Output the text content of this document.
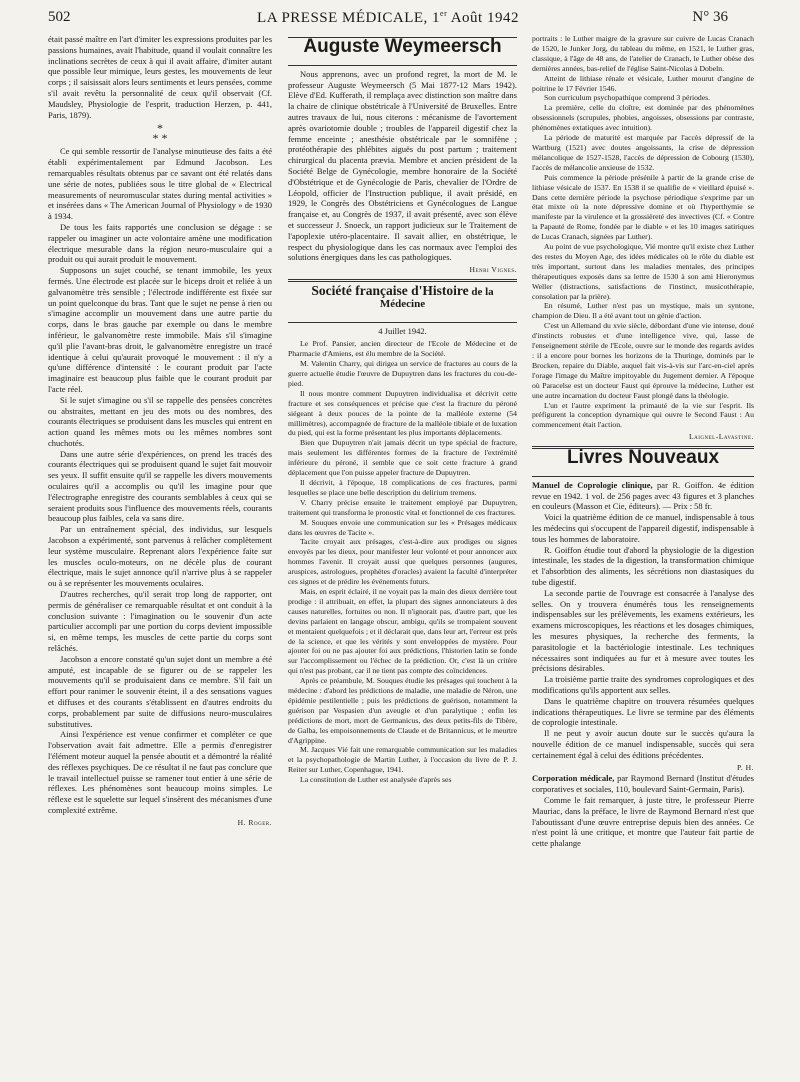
502	LA PRESSE MÉDICALE, 1er Août 1942	N° 36

était passé maître en l'art d'imiter les expressions produites par les passions humaines, avait l'habitude, quand il voulait connaître les inclinations secrètes de ceux à qui il avait affaire, d'imiter autant que possible leur mimique, leurs gestes, les mouvements de leur corps ; il saisissait alors leurs sentiments et leurs pensées, comme s'il avait revêtu la personnalité de ceux qu'il observait (Cf. Maudsley, Physiologie de l'esprit, traduction Herzen, p. 441, Paris, 1879).

*
* *

Ce qui semble ressortir de l'analyse minutieuse des faits a été établi expérimentalement par Edmund Jacobson. Les remarquables résultats obtenus par ce savant ont été relatés dans une série de notes, publiées sous le titre global de « Electrical measurements of neuromuscular states during mental activities » et insérées dans « The American Journal of Physiology » de 1930 à 1934.

De tous les faits rapportés une conclusion se dégage : se rappeler ou imaginer un acte volontaire amène une modification électrique mesurable dans la région neuro-musculaire qui a produit ou qui aurait produit le mouvement.

Supposons un sujet couché, se tenant immobile, les yeux fermés. Une électrode est placée sur le biceps droit et reliée à un galvanomètre très sensible ; l'électrode indifférente est fixée sur un point quelconque du bras. Tant que le sujet ne pense à rien ou s'imagine accomplir un mouvement dans une autre partie du corps, dans le bras gauche par exemple ou dans le membre inférieur, le galvanomètre reste immobile. Mais s'il s'imagine qu'il plie l'avant-bras droit, le galvanomètre enregistre un tracé identique à celui qu'aurait provoqué le mouvement : il n'y a qu'une différence d'intensité : le courant produit par l'acte imaginaire est beaucoup plus faible que le courant produit par l'acte réel.

Si le sujet s'imagine ou s'il se rappelle des pensées concrètes ou abstraites, mettant en jeu des mots ou des nombres, des courants électriques se produisent dans les muscles qui entrent en action quand les mêmes mots ou les mêmes nombres sont chuchotés.

Dans une autre série d'expériences, on prend les tracés des courants électriques qui se produisent quand le sujet fait mouvoir ses yeux. Il suffit ensuite qu'il se rappelle les divers mouvements oculaires qu'il a accomplis ou qu'il les imagine pour que l'électrographe enregistre des courants semblables à ceux qui se seraient produits sous l'influence des mouvements réels, courants beaucoup plus faibles, cela va sans dire.

Par un entraînement spécial, des individus, sur lesquels Jacobson a expérimenté, sont parvenus à relâcher complètement leur système musculaire. Reprenant alors l'expérience faite sur les muscles oculo-moteurs, on ne décèle plus de courant électrique, mais le sujet annonce qu'il n'arrive plus à se rappeler ou à se représenter les mouvements oculaires.

D'autres recherches, qu'il serait trop long de rapporter, ont permis de généraliser ce remarquable résultat et ont conduit à la conclusion suivante : l'imagination ou le souvenir d'un acte particulier accompli par une portion du corps devient impossible si, en même temps, les muscles de cette partie du corps sont relâchés.

Jacobson a encore constaté qu'un sujet dont un membre a été amputé, est incapable de se figurer ou de se rappeler les mouvements qu'il se produisaient dans ce membre. S'il fait un effort pour ranimer le souvenir éteint, il a des sensations vagues et diffuses et des courants s'établissent en d'autres endroits du corps, probablement par suite de diffusions neuro-musculaires substitutives.

Ainsi l'expérience est venue confirmer et compléter ce que l'observation avait fait admettre. Elle a permis d'enregistrer l'élément moteur auquel la pensée aboutit et a démontré la réalité des réflexes psychiques. De ce résultat il ne faut pas conclure que le travail intellectuel puisse se ramener tout entier à une série de réflexes. Les phénomènes sont beaucoup moins simples. Le réflexe est le squelette sur lequel s'insèrent des mécanismes d'une complexité extrême.

H. Roger.
Auguste Weymeersch

Nous apprenons, avec un profond regret, la mort de M. le professeur Auguste Weymeersch (5 Mai 1877-12 Mars 1942). Elève d'Ed. Kufferath, il remplaça avec distinction son maître dans la chaire de clinique obstétricale à l'Université de Bruxelles. Entre autres travaux de lui, nous citerons : mécanisme de l'avortement après ovariotomie double ; troubles de l'appareil digestif chez la femme enceinte ; anesthésie obstétricale par le somnifène ; protéothérapie des phlébites aiguës du post partum ; traitement chirurgical du placenta prævia. Membre et ancien président de la Société Belge de Gynécologie, membre honoraire de la Société d'Obstétrique et de Gynécologie de Paris, chevalier de l'Ordre de Léopold, officier de l'Instruction publique, il avait présidé, en 1929, le Congrès des Obstétriciens et Gynécologues de Langue française et, au Congrès de 1937, il avait présenté, avec son élève et successeur J. Snoeck, un rapport judicieux sur le Traitement de l'apoplexie utéro-placentaire. Il savait allier, en obstétrique, le respect du physiologique dans les cas normaux avec l'emploi des solutions énergiques dans les cas pathologiques.

Henri Vignes.
Société française d'Histoire de la Médecine
4 Juillet 1942.

Le Prof. Pansier, ancien directeur de l'Ecole de Médecine et de Pharmacie d'Amiens, est élu membre de la Société.

M. Valentin Charry, qui dirigea un service de fractures au cours de la guerre actuelle étudie l'œuvre de Dupuytren dans les fractures du cou-de-pied.

Il nous montre comment Dupuytren individualisa et décrivit cette fracture et ses conséquences et précise que c'est la fracture du péroné siégeant à deux pouces de la pointe de la malléole externe (54 millimètres), accompagnée de fracture de la malléole tibiale et de luxation du pied, qui est la forme présentant les plus importants déplacements.

Bien que Dupuytren n'ait jamais décrit un type spécial de fracture, mais seulement les différentes formes de la fracture de l'extrémité inférieure du péroné, il semble que ce soit cette fracture à grand déplacement que l'on puisse appeler fracture de Dupuytren.

Il décrivit, à l'époque, 18 complications de ces fractures, parmi lesquelles se place une belle description du delirium tremens.

V. Charry précise ensuite le traitement employé par Dupuytren, traitement qui transforma le pronostic vital et fonctionnel de ces fractures.

M. Souques envoie une communication sur les « Présages médicaux dans les œuvres de Tacite ».

Tacite croyait aux présages, c'est-à-dire aux prodiges ou signes envoyés par les dieux, pour manifester leur volonté et pour annoncer aux hommes l'avenir. Il croyait aussi que quelques personnes (augures, aruspices, astrologues, prophètes d'oracles) avaient la faculté d'interpréter ces signes et de prédire les événements futurs.

Mais, en esprit éclairé, il ne voyait pas la main des dieux derrière tout prodige : il attribuait, en effet, la plupart des signes annonciateurs à des causes naturelles, fortuites ou non. Il n'ignorait pas, d'autre part, que les devins parlaient en langage obscur, ambigu, qu'ils se trompaient souvent et mentaient quelquefois ; et il déclarait que, dans leur art, l'erreur est près de la science, et que les vérités y sont enveloppées de mystère. Pour ajouter foi ou ne pas ajouter foi aux prédictions, l'historien latin se fonde sur l'accomplissement ou l'échec de la prédiction. Or, c'est là un critère qui n'est pas probant, car il ne tient pas compte des coïncidences.

Après ce préambule, M. Souques étudie les présages qui touchent à la médecine : d'abord les prédictions de maladie, une maladie de Néron, une épidémie pestilentielle ; puis les prédictions de guérison, notamment la guérison par Vespasien d'un aveugle et d'un paralytique ; enfin les prédictions de mort, mort de Germanicus, des deux petits-fils de Tibère, de Galba, les empoisonnements de Claude et de Britannicus, et le meurtre d'Agrippine.

M. Jacques Vié fait une remarquable communication sur les maladies et la psychopathologie de Martin Luther, à l'occasion du livre de P. J. Reiter sur Luther, Copenhague, 1941.

La constitution de Luther est analysée d'après ses

portraits : le Luther maigre de la gravure sur cuivre de Lucas Cranach de 1520, le Junker Jorg, du tableau du même, en 1521, le Luther gras, classique, à l'âge de 48 ans, de l'atelier de Cranach, le Luther obèse des dernières années, bas-relief de l'église Saint-Nicolas à Dobeln.

Atteint de lithiase rénale et vésicale, Luther mourut d'angine de poitrine le 17 Février 1546.

Son curriculum psychopathique comprend 3 périodes.

La première, celle du cloître, est dominée par des phénomènes obsessionnels (scrupules, phobies, angoisses, obsessions par contraste, phénomènes extatiques avec intuition).

La période de maturité est marquée par l'accès dépressif de la Wartburg (1521) avec doutes angoissants, la crise de dépression mélancolique de 1527-1528, l'accès de dépression de Cobourg (1530), l'accès de mélancolie anxieuse de 1532.

Puis commence la période présénile à partir de la grande crise de lithiase vésicale de 1537. En 1538 il se qualifie de « vieillard épuisé ». Dans cette dernière période la psychose périodique s'exprime par un état mixte où la note dépressive domine et où l'hyperthymie se manifeste par la virulence et la grossièreté des invectives (Cf. « Contre la Papauté de Rome, fondée par le diable » et les 10 images satiriques de Lucas Cranach, signées par Luther).

Au point de vue psychologique, Vié montre qu'il existe chez Luther des restes du Moyen Age, des idées médicales où le rôle du diable est très important, surtout dans les maladies mentales, des principes thérapeutiques exposés dans sa lettre de 1530 à son ami Hieronymus Weller (distractions, satisfactions de l'instinct, musicothérapie, consolation par la prière).

En résumé, Luther n'est pas un mystique, mais un syntone, champion de Dieu. Il a été avant tout un génie d'action.

C'est un Allemand du xvie siècle, débordant d'une vie intense, doué d'instincts robustes et d'une intelligence vive, qui, lasse de l'enseignement stérile de l'Ecole, ouvre sur le monde des regards avides : il a encore pour bornes les horizons de la Thuringe, dominés par le Brocken, repaire du Diable, auquel fait vis-à-vis sur l'arc-en-ciel après l'orage l'image du Maître impitoyable du Jugement dernier. A l'époque où Paracelse est un docteur Faust qui éprouve la médecine, Luther est une autre incarnation du docteur Faust plongé dans la théologie.

L'un et l'autre expriment la primauté de la vie sur l'esprit. Ils préfigurent la conception dynamique qui ouvre le Second Faust : Au commencement était l'action.

Laignel-Lavastine.
Livres Nouveaux

Manuel de Coprologie clinique, par R. Goiffon. 4e édition revue en 1942. 1 vol. de 256 pages avec 43 figures et 3 planches en couleurs (Masson et Cie, éditeurs). — Prix : 58 fr.

Voici la quatrième édition de ce manuel, indispensable à tous les médecins qui s'occupent de l'appareil digestif, indispensable à tous les hommes de laboratoire.

R. Goiffon étudie tout d'abord la physiologie de la digestion intestinale, les stades de la digestion, la transformation chimique et l'absorbtion des aliments, les sécrétions non diastasiques du tube digestif.

La seconde partie de l'ouvrage est consacrée à l'analyse des selles. On y trouvera énumérés tous les renseignements indispensables sur les prélèvements, les examens extérieurs, les examens microscopiques, les réactions et les dosages chimiques, les mesures physiques, la recherche des ferments, la parasitologie et la bactériologie intestinale. Les techniques nécessaires sont indiquées au fur et à mesure avec toutes les précisions désirables.

La troisième partie traite des syndromes coprologiques et des modifications qu'ils apportent aux selles.

Dans le quatrième chapitre on trouvera résumées quelques indications thérapeutiques. Le livre se termine par des éléments de coprologie intestinale.

Il ne peut y avoir aucun doute sur le succès qu'aura la nouvelle édition de ce manuel indispensable, succès qui sera certainement égal à celui des éditions précédentes.

P. H.

Corporation médicale, par Raymond Bernard (Institut d'études corporatives et sociales, 110, boulevard Saint-Germain, Paris).

Comme le fait remarquer, à juste titre, le professeur Pierre Mauriac, dans la préface, le livre de Raymond Bernard n'est que l'aboutissant d'une œuvre entreprise depuis bien des années. Ce n'est point là une critique, et montre que l'auteur fait partie de cette phalange
